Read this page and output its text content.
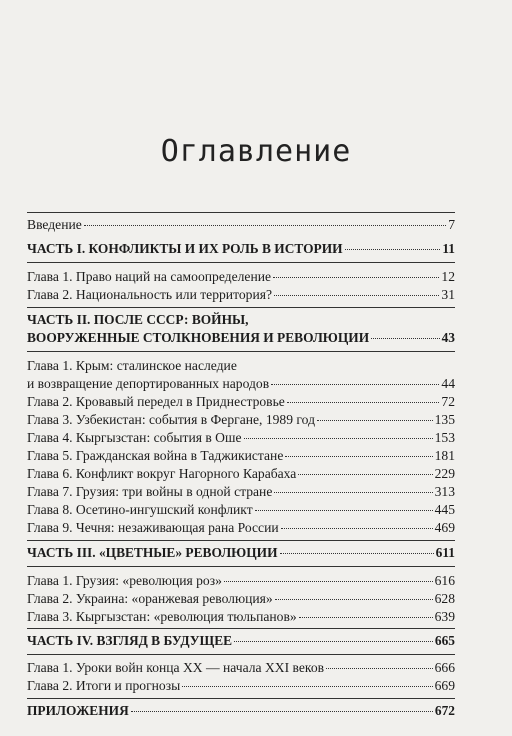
Оглавление
Введение	7
ЧАСТЬ I. КОНФЛИКТЫ И ИХ РОЛЬ В ИСТОРИИ	11
Глава 1. Право наций на самоопределение	12
Глава 2. Национальность или территория?	31
ЧАСТЬ II. ПОСЛЕ СССР: ВОЙНЫ,
ВООРУЖЕННЫЕ СТОЛКНОВЕНИЯ И РЕВОЛЮЦИИ	43
Глава 1. Крым: сталинское наследие
и возвращение депортированных народов	44
Глава 2. Кровавый передел в Приднестровье	72
Глава 3. Узбекистан: события в Фергане, 1989 год	135
Глава 4. Кыргызстан: события в Оше	153
Глава 5. Гражданская война в Таджикистане	181
Глава 6. Конфликт вокруг Нагорного Карабаха	229
Глава 7. Грузия: три войны в одной стране	313
Глава 8. Осетино-ингушский конфликт	445
Глава 9. Чечня: незаживающая рана России	469
ЧАСТЬ III. «ЦВЕТНЫЕ» РЕВОЛЮЦИИ	611
Глава 1. Грузия: «революция роз»	616
Глава 2. Украина: «оранжевая революция»	628
Глава 3. Кыргызстан: «революция тюльпанов»	639
ЧАСТЬ IV. ВЗГЛЯД В БУДУЩЕЕ	665
Глава 1. Уроки войн конца XX — начала XXI веков	666
Глава 2. Итоги и прогнозы	669
ПРИЛОЖЕНИЯ	672
